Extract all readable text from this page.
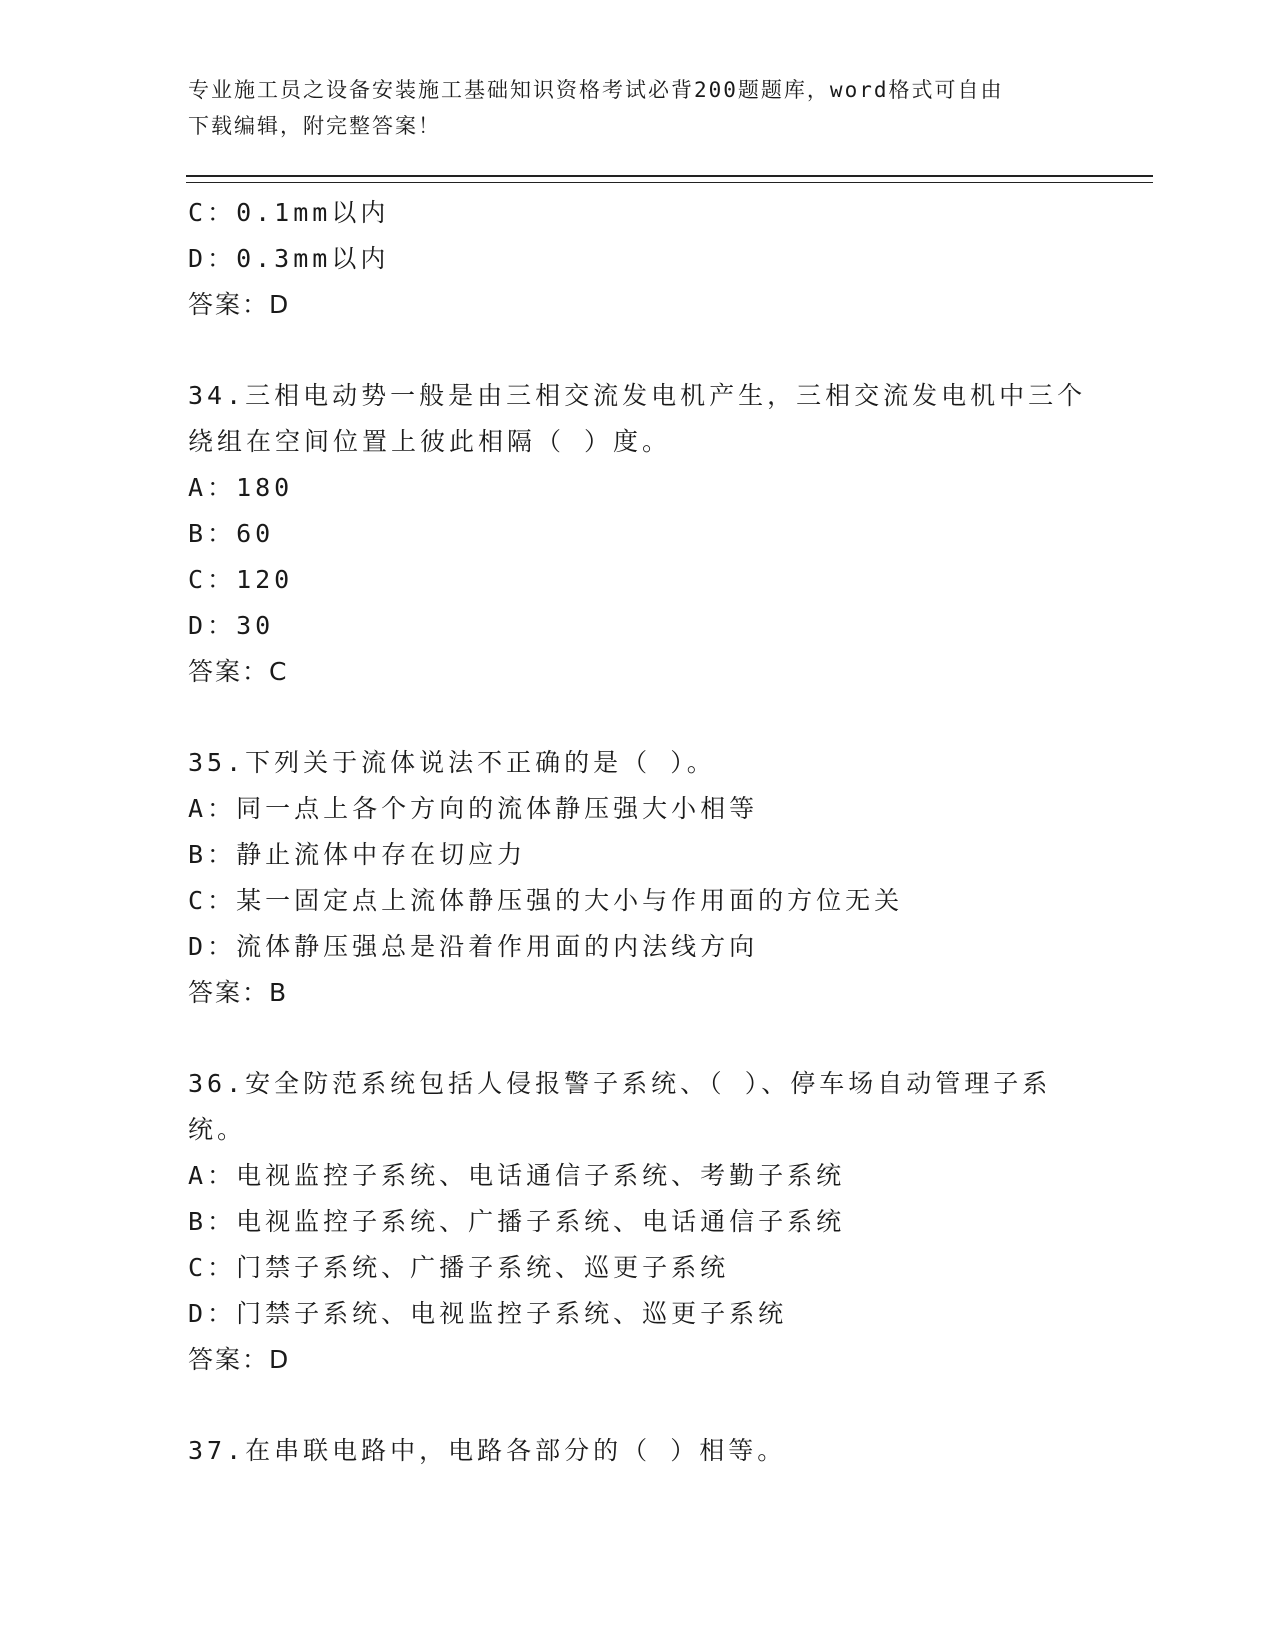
专业施工员之设备安装施工基础知识资格考试必背200题题库，word格式可自由
下载编辑，附完整答案！
C：0.1mm以内
D：0.3mm以内
答案：D
34.三相电动势一般是由三相交流发电机产生，三相交流发电机中三个
绕组在空间位置上彼此相隔（ ）度。
A：180
B：60
C：120
D：30
答案：C
35.下列关于流体说法不正确的是（ ）。
A：同一点上各个方向的流体静压强大小相等
B：静止流体中存在切应力
C：某一固定点上流体静压强的大小与作用面的方位无关
D：流体静压强总是沿着作用面的内法线方向
答案：B
36.安全防范系统包括人侵报警子系统、（ ）、停车场自动管理子系
统。
A：电视监控子系统、电话通信子系统、考勤子系统
B：电视监控子系统、广播子系统、电话通信子系统
C：门禁子系统、广播子系统、巡更子系统
D：门禁子系统、电视监控子系统、巡更子系统
答案：D
37.在串联电路中，电路各部分的（ ）相等。
